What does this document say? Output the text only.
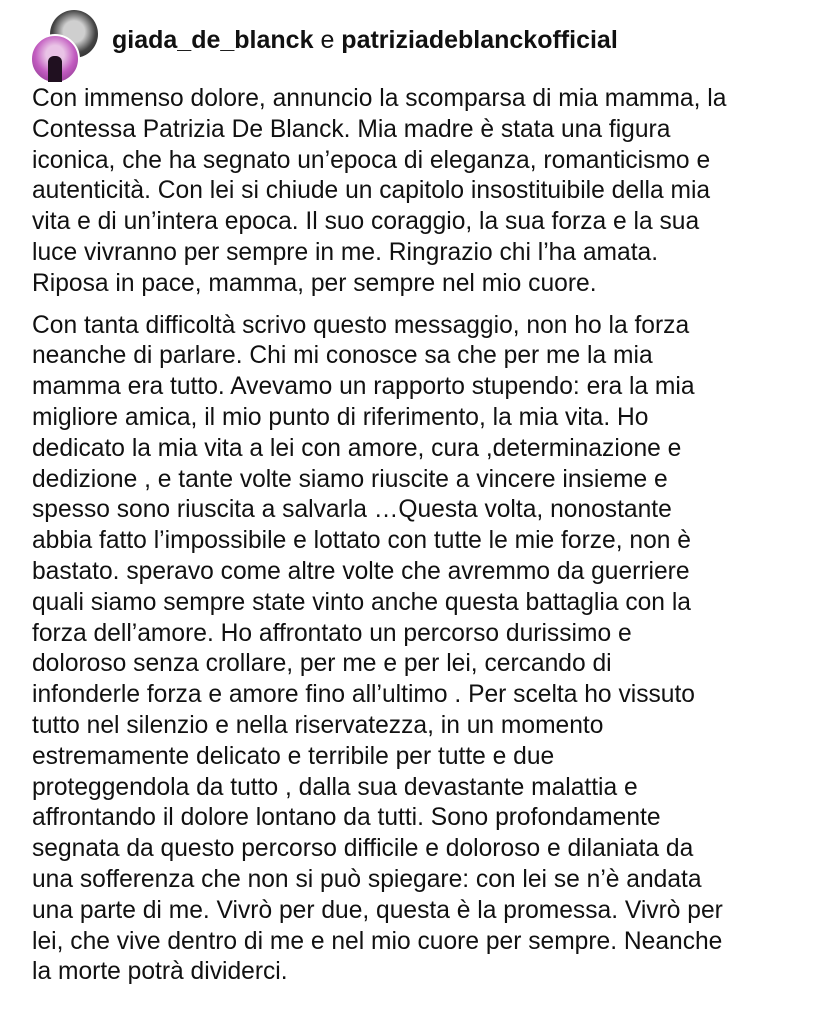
giada_de_blanck e patriziadeblanckofficial
Con immenso dolore, annuncio la scomparsa di mia mamma, la
Contessa Patrizia De Blanck. Mia madre è stata una figura
iconica, che ha segnato un’epoca di eleganza, romanticismo e
autenticità. Con lei si chiude un capitolo insostituibile della mia
vita e di un’intera epoca. Il suo coraggio, la sua forza e la sua
luce vivranno per sempre in me. Ringrazio chi l’ha amata.
Riposa in pace, mamma, per sempre nel mio cuore.
Con tanta difficoltà scrivo questo messaggio, non ho la forza
neanche di parlare. Chi mi conosce sa che per me la mia
mamma era tutto. Avevamo un rapporto stupendo: era la mia
migliore amica, il mio punto di riferimento, la mia vita. Ho
dedicato la mia vita a lei con amore, cura ,determinazione e
dedizione , e tante volte siamo riuscite a vincere insieme e
spesso sono riuscita a salvarla …Questa volta, nonostante
abbia fatto l’impossibile e lottato con tutte le mie forze, non è
bastato. speravo come altre volte che avremmo da guerriere
quali siamo sempre state vinto anche questa battaglia con la
forza dell’amore. Ho affrontato un percorso durissimo e
doloroso senza crollare, per me e per lei, cercando di
infonderle forza e amore fino all’ultimo . Per scelta ho vissuto
tutto nel silenzio e nella riservatezza, in un momento
estremamente delicato e terribile per tutte e due
proteggendola da tutto , dalla sua devastante malattia e
affrontando il dolore lontano da tutti. Sono profondamente
segnata da questo percorso difficile e doloroso e dilaniata da
una sofferenza che non si può spiegare: con lei se n’è andata
una parte di me. Vivrò per due, questa è la promessa. Vivrò per
lei, che vive dentro di me e nel mio cuore per sempre. Neanche
la morte potrà dividerci.
